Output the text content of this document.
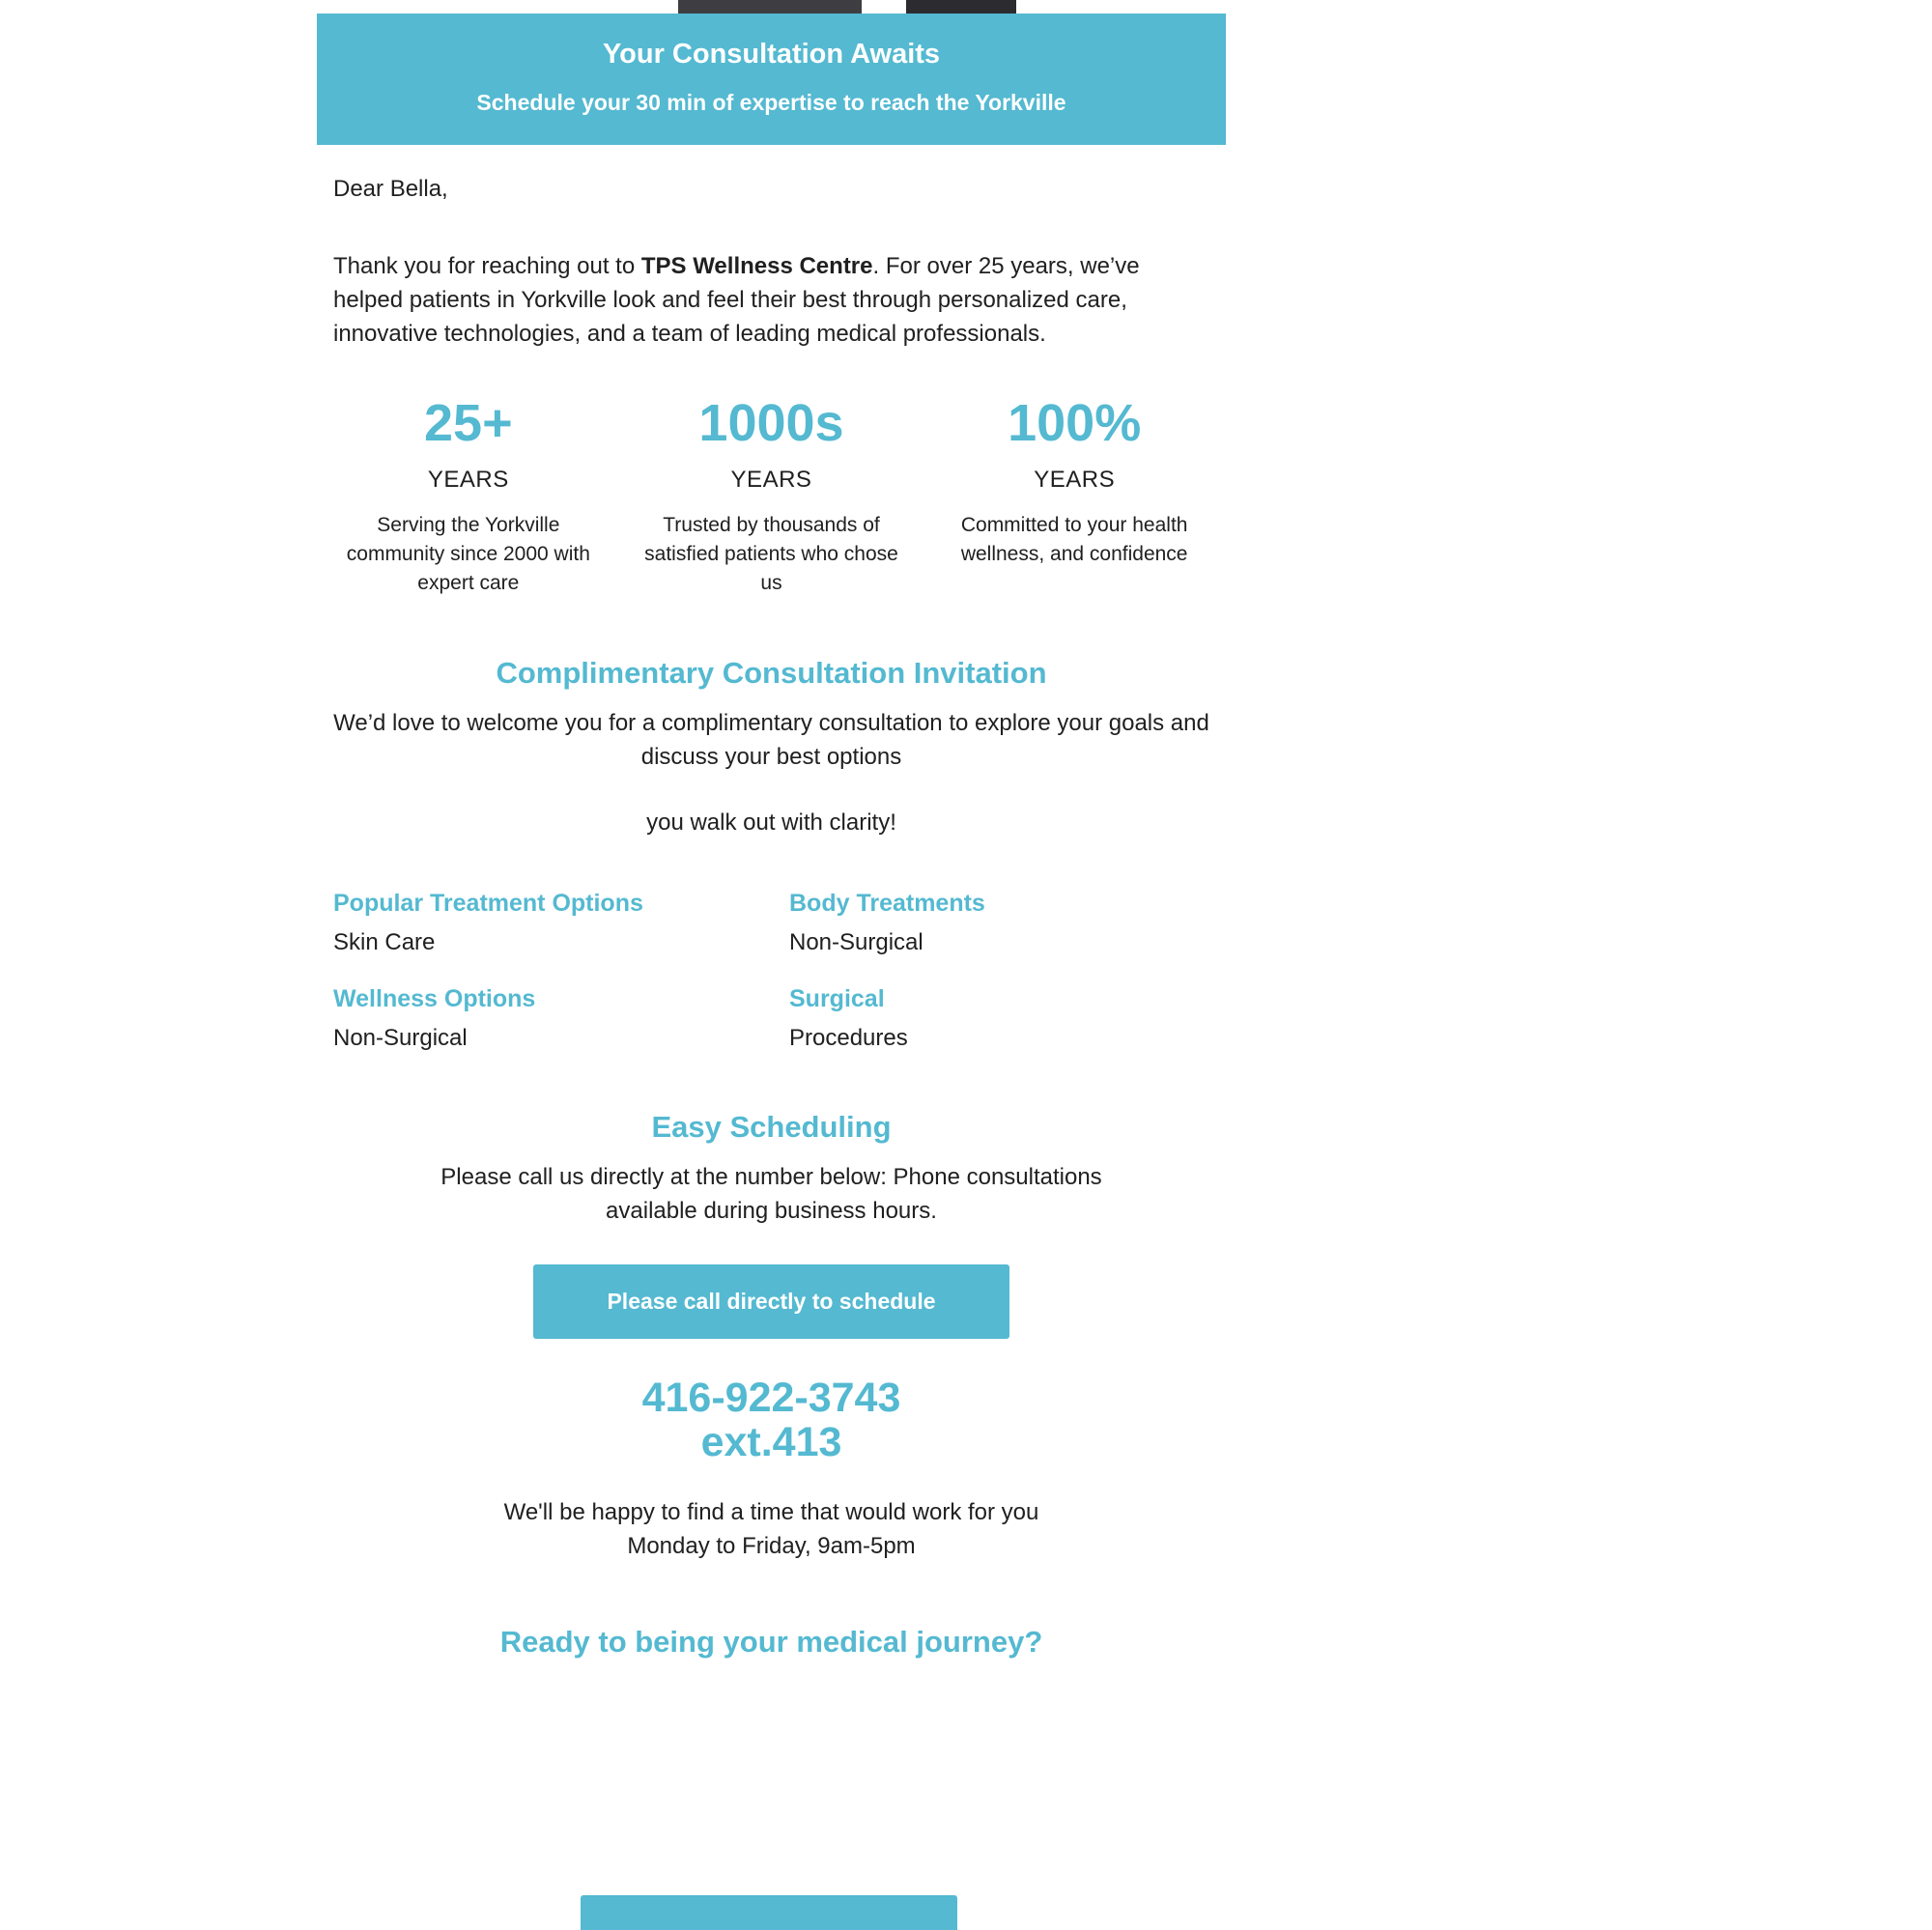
Your Consultation Awaits
Schedule your 30 min of expertise to reach the Yorkville

Dear Bella,

Thank you for reaching out to TPS Wellness Centre. For over 25 years, we’ve helped patients in Yorkville look and feel their best through personalized care, innovative technologies, and a team of leading medical professionals.

25+
YEARS
Serving the Yorkville community since 2000 with expert care
1000s
YEARS
Trusted by thousands of satisfied patients who chose us
100%
YEARS
Committed to your health wellness, and confidence
Complimentary Consultation Invitation

We’d love to welcome you for a complimentary consultation to explore your goals and discuss your best options

you walk out with clarity!

Popular Treatment Options
Skin Care
Body Treatments
Non-Surgical
Wellness Options
Non-Surgical
Surgical
Procedures
Easy Scheduling

Please call us directly at the number below: Phone consultations available during business hours.

Please call directly to schedule
416-922-3743
ext.413

We'll be happy to find a time that would work for you
Monday to Friday, 9am-5pm

Ready to being your medical journey?
